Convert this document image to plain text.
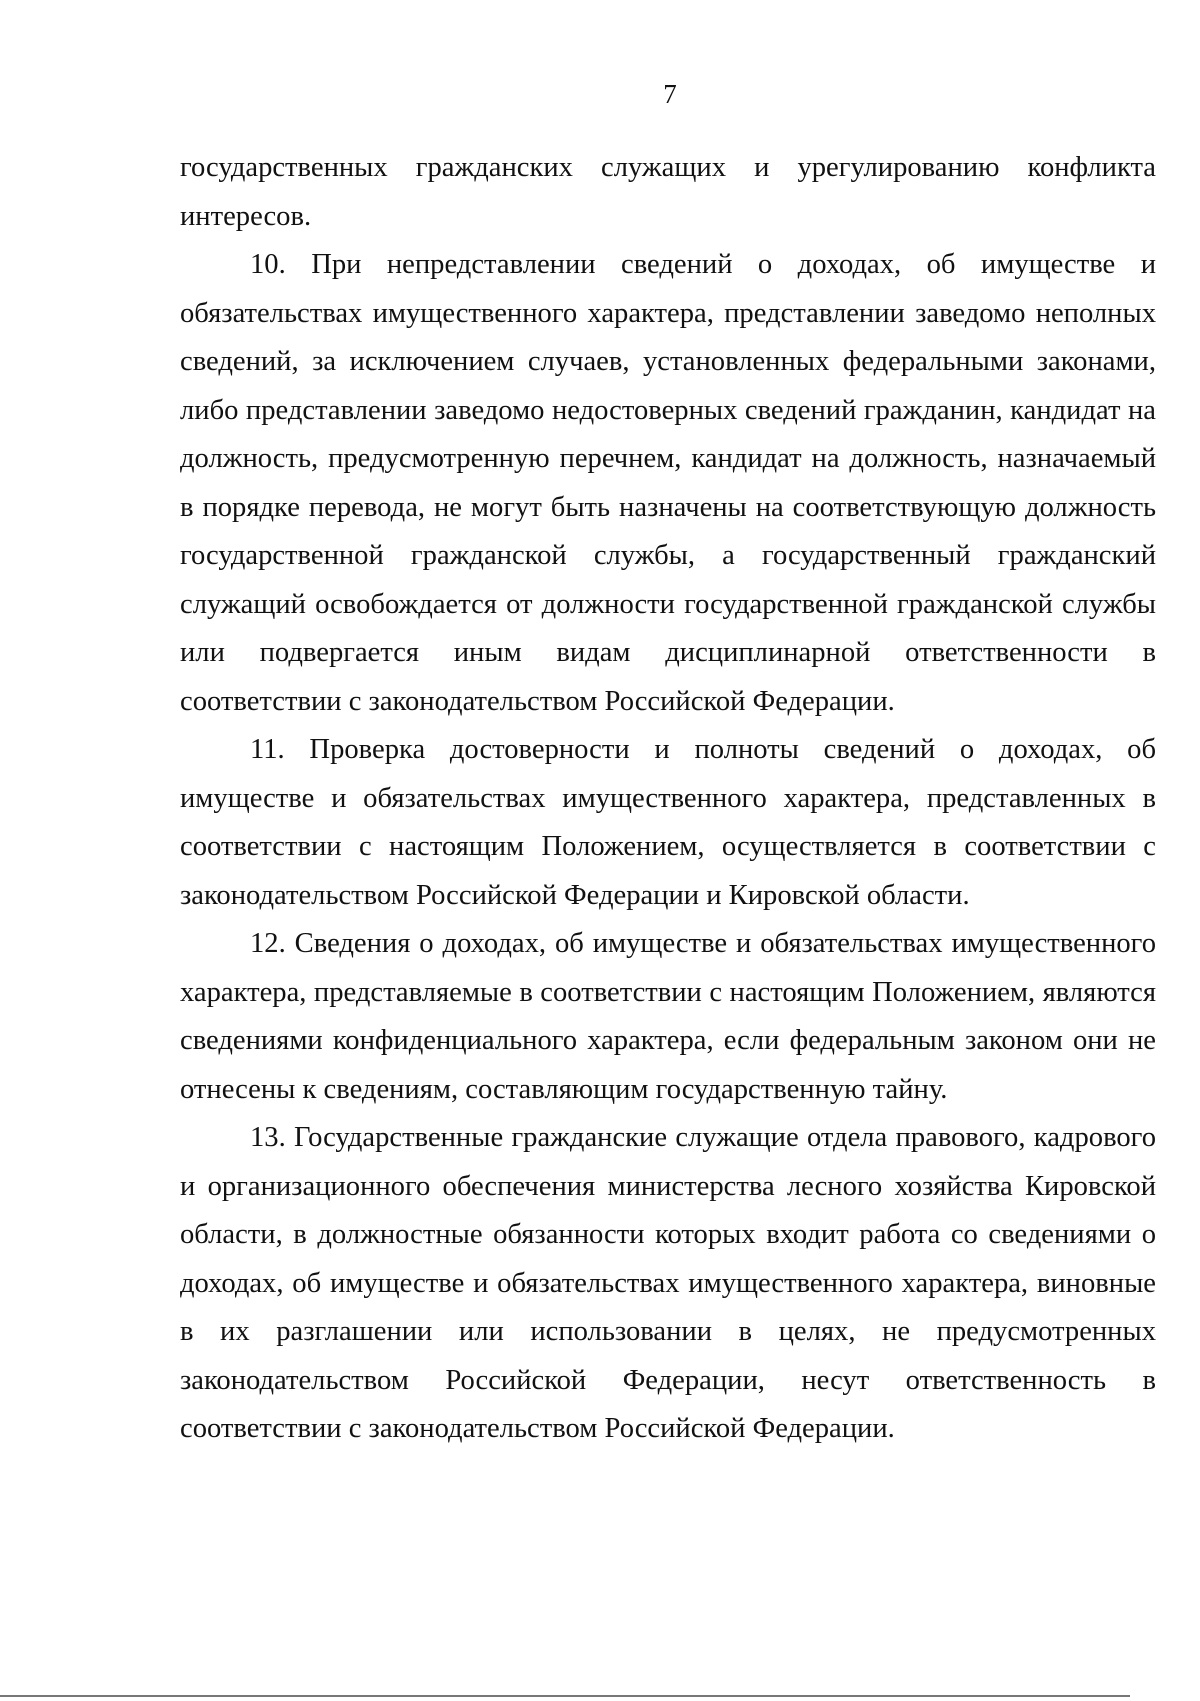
7

государственных гражданских служащих и урегулированию конфликта интересов.

10. При непредставлении сведений о доходах, об имуществе и обязательствах имущественного характера, представлении заведомо неполных сведений, за исключением случаев, установленных федеральными законами, либо представлении заведомо недостоверных сведений гражданин, кандидат на должность, предусмотренную перечнем, кандидат на должность, назначаемый в порядке перевода, не могут быть назначены на соответствующую должность государственной гражданской службы, а государственный гражданский служащий освобождается от должности государственной гражданской службы или подвергается иным видам дисциплинарной ответственности в соответствии с законодательством Российской Федерации.

11. Проверка достоверности и полноты сведений о доходах, об имуществе и обязательствах имущественного характера, представленных в соответствии с настоящим Положением, осуществляется в соответствии с законодательством Российской Федерации и Кировской области.

12. Сведения о доходах, об имуществе и обязательствах имущественного характера, представляемые в соответствии с настоящим Положением, являются сведениями конфиденциального характера, если федеральным законом они не отнесены к сведениям, составляющим государственную тайну.

13. Государственные гражданские служащие отдела правового, кадрового и организационного обеспечения министерства лесного хозяйства Кировской области, в должностные обязанности которых входит работа со сведениями о доходах, об имуществе и обязательствах имущественного характера, виновные в их разглашении или использовании в целях, не предусмотренных законодательством Российской Федерации, несут ответственность в соответствии с законодательством Российской Федерации.
